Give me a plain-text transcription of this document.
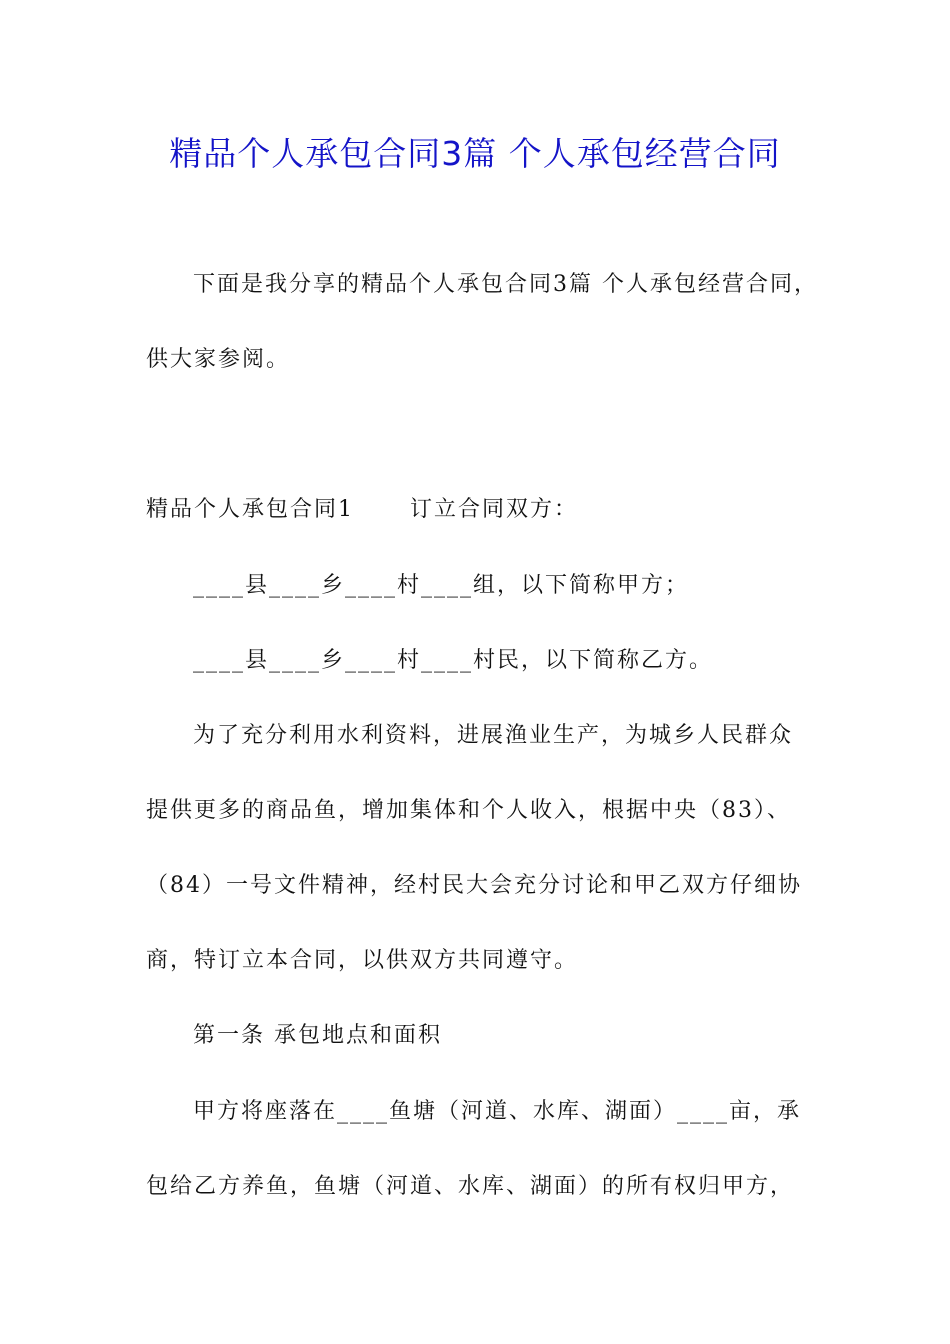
精品个人承包合同3篇 个人承包经营合同
下面是我分享的精品个人承包合同3篇 个人承包经营合同，
供大家参阅。
精品个人承包合同1	订立合同双方：
____县____乡____村____组，以下简称甲方；
____县____乡____村____村民，以下简称乙方。
为了充分利用水利资料，进展渔业生产，为城乡人民群众
提供更多的商品鱼，增加集体和个人收入，根据中央（83）、
（84）一号文件精神，经村民大会充分讨论和甲乙双方仔细协
商，特订立本合同，以供双方共同遵守。
第一条 承包地点和面积
甲方将座落在____鱼塘（河道、水库、湖面）____亩，承
包给乙方养鱼，鱼塘（河道、水库、湖面）的所有权归甲方，
